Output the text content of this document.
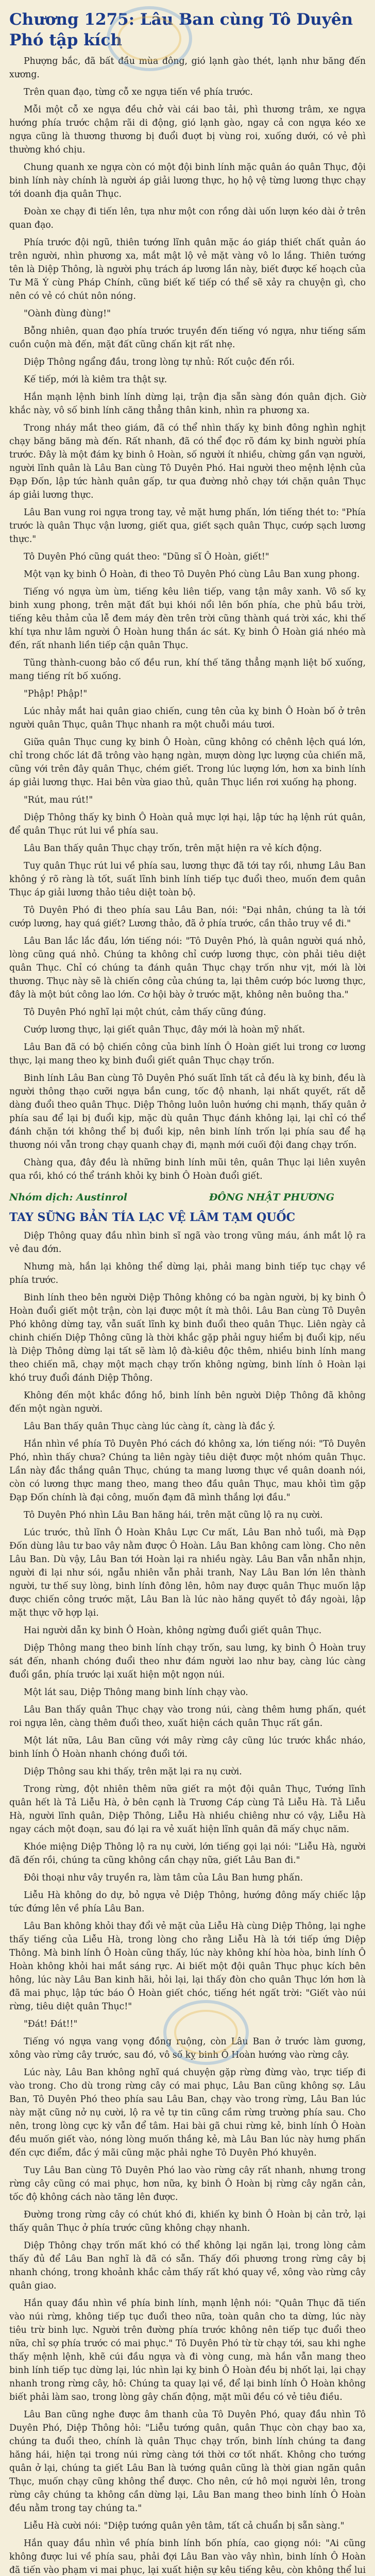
Chương 1275: Lâu Ban cùng Tô Duyên Phó tập kích

Phượng bắc, đã bất đầu mùa đông, gió lạnh gào thét, lạnh như băng đến xương.

Trên quan đạo, từng cỗ xe ngựa tiến về phía trước.

Mỗi một cỗ xe ngựa đều chở vài cái bao tải, phì thương trâm, xe ngựa hướng phía trước chậm rãi di động, gió lạnh gào, ngay cả con ngựa kéo xe ngựa cũng là thương thương bị đuổi đuợt bị vùng roi, xuống dưới, có vẻ phì thường khó chịu.

Chung quanh xe ngựa còn có một đội binh lính mặc quân áo quân Thục, đội binh lính này chính là người áp giải lương thực, họ hộ vệ từng lương thực chạy tới doanh địa quân Thục.

Đoàn xe chạy đi tiến lên, tựa như một con rồng dài uốn lượn kéo dài ở trên quan đạo.

Phía trước đội ngũ, thiên tướng lĩnh quân mặc áo giáp thiết chất quản áo trên người, nhìn phương xa, mắt mật lộ vẻ mặt vàng vô lo lắng. Thiên tướng tên là Diệp Thông, là người phụ trách áp lương lần này, biết được kế hoạch của Tư Mã Ý cùng Pháp Chính, cũng biết kế tiếp có thể sẽ xảy ra chuyện gì, cho nên có vẻ có chút nôn nóng.

"Oành đùng đùng!"

Bỗng nhiên, quan đạo phía trước truyền đến tiếng vó ngựa, như tiếng sấm cuồn cuộn mà đến, mặt đất cũng chấn kịt rất nhẹ.

Diệp Thông ngẩng đầu, trong lòng tự nhủ: Rốt cuộc đến rồi.

Kế tiếp, mới là kiêm tra thật sự.

Hắn mạnh lệnh binh lính dừng lại, trận địa sẵn sàng đón quân địch. Giờ khắc này, vô số binh lính căng thẳng thân kinh, nhìn ra phương xa.

Trong nháy mắt theo giám, đã có thể nhìn thấy kỵ binh đông nghìn nghịt chạy băng băng mà đến. Rất nhanh, đã có thể đọc rõ đám kỵ binh người phía trước. Đây là một đám kỵ binh ô Hoàn, số người ít nhiều, chừng gần vạn người, người lĩnh quân là Lâu Ban cùng Tô Duyên Phó. Hai người theo mệnh lệnh của Đạp Đốn, lập tức hành quân gấp, tư qua đường nhỏ chạy tới chặn quân Thục áp giải lương thực.

Lâu Ban vung roi ngựa trong tay, vẻ mặt hưng phấn, lớn tiếng thét to: "Phía trước là quân Thục vận lương, giết qua, giết sạch quân Thục, cướp sạch lương thực."

Tô Duyên Phó cũng quát theo: "Dũng sĩ Ô Hoàn, giết!"

Một vạn kỵ binh Ô Hoàn, đi theo Tô Duyên Phó cùng Lâu Ban xung phong.

Tiếng vó ngựa ùm ùm, tiếng kêu liên tiếp, vang tận mây xanh. Vô số kỵ binh xung phong, trên mặt đất bụi khói nổi lên bốn phía, che phủ bầu trời, tiếng kêu thảm của lễ đem máy đèn trên trời cũng thành quá trời xác, khi thế khí tựa như lâm người Ô Hoàn hung thần ác sát. Kỵ binh Ô Hoàn giá nhéo mà đến, rất nhanh liền tiếp cận quân Thục.

Tũng thành-cuong bảo cố đều run, khí thế tăng thẳng mạnh liệt bố xuống, mang tiếng rít bố xuống.

"Phập! Phập!"

Lúc nhảy mắt hai quân giao chiến, cung tên của kỵ binh Ô Hoàn bố ở trên người quân Thục, quân Thục nhanh ra một chuỗi máu tươi.

Giữa quân Thục cung kỵ binh Ô Hoàn, cũng không có chênh lệch quá lớn, chỉ trong chốc lát đã trông vào hạng ngàn, mượn dòng lực lượng của chiến mã, cũng với trên đây quân Thục, chém giết. Trong lúc lượng lớn, hơn xa binh lính áp giải lương thực. Hai bên vừa giao thủ, quân Thục liền rơi xuống hạ phong.

"Rút, mau rút!"

Diệp Thông thấy kỵ binh Ô Hoàn quả mực lợi hại, lập tức hạ lệnh rút quân, để quân Thục rút lui về phía sau.

Lâu Ban thấy quân Thục chạy trốn, trên mặt hiện ra vẻ kích động.

Tuy quân Thục rút lui về phía sau, lương thực đã tới tay rồi, nhưng Lâu Ban không ý rõ ràng là tốt, suất lĩnh binh lính tiếp tục đuổi theo, muốn đem quân Thục áp giải lương thảo tiêu diệt toàn bộ.

Tô Duyên Phó đi theo phía sau Lâu Ban, nói: "Đại nhân, chúng ta là tới cướp lương, hay quá giết? Lương thảo, đã ở phía trước, cần thảo truy về đi."

Lâu Ban lắc lắc đầu, lớn tiếng nói: "Tô Duyên Phó, là quân người quá nhỏ, lòng cũng quá nhỏ. Chúng ta không chỉ cướp lương thực, còn phải tiêu diệt quân Thục. Chỉ có chúng ta đánh quân Thục chạy trốn như vịt, mới là lời thương. Thục này sẽ là chiến công của chúng ta, lại thêm cướp bóc lương thực, đây là một bút công lao lớn. Cơ hội bày ở trước mặt, không nên buông tha."

Tô Duyên Phó nghĩ lại một chút, cảm thấy cũng đúng.

Cướp lương thực, lại giết quân Thục, đây mới là hoàn mỹ nhất.

Lâu Ban đã có bộ chiến công của binh lính Ô Hoàn giết lui trong cơ lương thực, lại mang theo kỵ binh đuổi giết quân Thục chạy trốn.

Binh lính Lâu Ban cùng Tô Duyên Phó suất lĩnh tất cả đều là kỵ binh, đều là người thông thạo cưỡi ngựa bắn cung, tốc độ nhanh, lại nhất quyết, rất dễ dàng đuổi theo quân Thục. Diệp Thông luôn luôn hướng chi mạnh, thấy quân ở phía sau để lại bị đuổi kịp, mặc dù quân Thục đánh không lại, lại chỉ có thể đánh chặn tới không thể bị đuổi kịp, nên binh lính trốn lại phía sau để hạ thương nói vẫn trong chạy quanh chạy đi, mạnh mới cuối đội đang chạy trốn.

Chàng qua, đây đều là những binh lính mũi tên, quân Thục lại liên xuyên qua rồi, khó có thể tránh khỏi kỵ binh Ô Hoàn đuổi giết.

Nhóm dịch: Austinrol	ĐÔNG NHẬT PHƯƠNG
TAY SỮNG BẢN TÍA LẠC VỆ LÂM TẠM QUỐC

Diệp Thông quay đầu nhìn binh sĩ ngã vào trong vũng máu, ánh mắt lộ ra vẻ đau đớn.

Nhưng mà, hắn lại không thể dừng lại, phải mang binh tiếp tục chạy về phía trước.

Binh lính theo bên người Diệp Thông không có ba ngàn người, bị kỵ binh Ô Hoàn đuổi giết một trận, còn lại được một ít mà thôi. Lâu Ban cùng Tô Duyên Phó không dừng tay, vẫn suất lĩnh kỵ binh đuổi theo quân Thục. Liên ngày cả chinh chiến Diệp Thông cũng là thời khắc gặp phải nguy hiểm bị đuổi kịp, nếu là Diệp Thông dừng lại tất sẽ làm lộ đà-kiêu độc thêm, nhiều binh lính mang theo chiến mã, chạy một mạch chạy trốn không ngừng, binh lính ô Hoàn lại khó truy đuổi đánh Diệp Thông.

Không đến một khắc đồng hồ, binh lính bên người Diệp Thông đã không đến một ngàn người.

Lâu Ban thấy quân Thục càng lúc càng ít, càng là đắc ý.

Hắn nhìn về phía Tô Duyên Phó cách đó không xa, lớn tiếng nói: "Tô Duyên Phó, nhìn thấy chưa? Chúng ta liên ngày tiêu diệt được một nhóm quân Thục. Lần này đắc thắng quân Thục, chúng ta mang lương thực về quân doanh nói, còn có lương thực mang theo, mang theo đầu quân Thục, mau khỏi tìm gặp Đạp Đốn chính là đại công, muốn đạm đã mình thắng lợi đầu."

Tô Duyên Phó nhìn Lâu Ban hăng hái, trên mặt cũng lộ ra nụ cười.

Lúc trước, thủ lĩnh Ô Hoàn Khâu Lực Cư mất, Lâu Ban nhỏ tuổi, mà Đạp Đốn dùng lâu tư bao vây nằm được Ô Hoàn. Lâu Ban không cam lòng. Cho nên Lâu Ban. Dù vậy, Lâu Ban tới Hoàn lại ra nhiều ngày. Lâu Ban vẫn nhẫn nhịn, người đi lại như sói, ngẫu nhiên vẫn phải tranh, Nay Lâu Ban lớn lên thành người, tư thế suy lòng, binh lính đông lên, hôm nay được quân Thục muốn lập được chiến công trước mặt, Lâu Ban là lúc nào hăng quyết tỏ đầy ngoài, lập mặt thực vỡ hợp lại.

Hai người dẫn kỵ binh Ô Hoàn, không ngừng đuổi giết quân Thục.

Diệp Thông mang theo binh lính chạy trốn, sau lưng, kỵ binh Ô Hoàn truy sát đến, nhanh chóng đuổi theo như đám người lao như bay, càng lúc càng đuổi gần, phía trước lại xuất hiện một ngọn núi.

Một lát sau, Diệp Thông mang binh lính chạy vào.

Lâu Ban thấy quân Thục chạy vào trong núi, càng thêm hưng phấn, quét roi ngựa lên, càng thêm đuổi theo, xuất hiện cách quân Thục rất gần.

Một lát nữa, Lâu Ban cũng với mây rừng cây cũng lúc trước khắc nháo, binh lính Ô Hoàn nhanh chóng đuổi tới.

Diệp Thông sau khi thấy, trên mặt lại ra nụ cười.

Trong rừng, đột nhiên thêm nữa giết ra một đội quân Thục, Tướng lĩnh quân hết là Tả Liễu Hà, ở bên cạnh là Trương Cáp cùng Tả Liễu Hà. Tả Liễu Hà, người lĩnh quân, Diệp Thông, Liễu Hà nhiều chiêng như có vậy, Liễu Hà ngay cách một đoạn, sau đó lại ra vẻ xuất hiện lĩnh quân đã mấy chục năm.

Khóe miệng Diệp Thông lộ ra nụ cười, lớn tiếng gọi lại nói: "Liễu Hà, người đã đến rồi, chúng ta cũng không cần chạy nữa, giết Lâu Ban đi."

Đôi thoại như vây truyền ra, làm tâm của Lâu Ban hưng phấn.

Liễu Hà không do dự, bỏ ngựa vẻ Diệp Thông, hướng đông mấy chiếc lập tức đứng lên về phía Lâu Ban.

Lâu Ban không khỏi thay đổi vẻ mặt của Liễu Hà cùng Diệp Thông, lại nghe thấy tiếng của Liễu Hà, trong lòng cho rằng Liễu Hà là tới tiếp ứng Diệp Thông. Mà binh lính Ô Hoàn cũng thấy, lúc này không khí hòa hòa, binh lính Ô Hoàn không khỏi hai mắt sáng rực. Ai biết một đội quân Thục phục kích bên hông, lúc này Lâu Ban kinh hãi, hỏi lại, lại thấy đòn cho quân Thục lớn hơn là đã mai phục, lập tức báo Ô Hoàn giết chóc, tiếng hét ngất trời: "Giết vào núi rừng, tiêu diệt quân Thục!"

"Đát! Đát!!"

Tiếng vó ngựa vang vọng đồng ruộng, còn Lâu Ban ở trước làm gương, xông vào rừng cây trước, sau đó, vô số kỵ binh Ô Hoàn hướng vào rừng cây.

Lúc này, Lâu Ban không nghĩ quá chuyện gặp rừng đừng vào, trực tiếp đi vào trong. Cho dù trong rừng cây có mai phục, Lâu Ban cũng không sợ. Lâu Ban, Tô Duyên Phó theo phía sau Lâu Ban, chạy vào trong rừng, Lâu Ban lúc này mặt cũng nở nụ cười, lộ ra vẻ tự tin cũng cầm rừng trường phía sau. Cho nên, trong lòng cực kỳ vẫn để tâm. Hai bài gã chui rừng kẻ, binh lính Ô Hoàn đều muốn giết vào, nóng lòng muốn thắng kẻ, mà Lâu Ban lúc này hưng phấn đến cực điểm, đắc ý mãi cũng mặc phải nghe Tô Duyên Phó khuyên.

Tuy Lâu Ban cùng Tô Duyên Phó lao vào rừng cây rất nhanh, nhưng trong rừng cây cũng có mai phục, hơn nữa, kỵ binh Ô Hoàn bị rừng cây ngăn cản, tốc độ không cách nào tăng lên được.

Đường trong rừng cây có chút khó đi, khiến kỵ binh Ô Hoàn bị cản trở, lại thấy quân Thục ở phía trước cũng không chạy nhanh.

Diệp Thông chạy trốn mất khó có thể không lại ngăn lại, trong lòng cảm thấy đủ để Lâu Ban nghĩ là đã có sẵn. Thấy đối phương trong rừng cây bị nhanh chóng, trong khoảnh khắc cảm thấy rất khó quay về, xông vào rừng cây quân giao.

Hắn quay đầu nhìn về phía binh lính, mạnh lệnh nói: "Quân Thục đã tiến vào núi rừng, không tiếp tục đuổi theo nữa, toàn quân cho ta dừng, lúc này tiêu trừ binh lực. Người trên đường phía trước không nên tiếp tục đuổi theo nữa, chỉ sợ phía trước có mai phục." Tô Duyên Phó từ từ chạy tới, sau khi nghe thấy mệnh lệnh, khẽ cúi đầu ngựa và đi vòng cung, mà hắn vẫn mang theo binh lính tiếp tục dừng lại, lúc nhìn lại kỵ binh Ô Hoàn đều bị nhốt lại, lại chạy nhanh trong rừng cây, hô: Chúng ta quay lại về, để lại binh lính Ô Hoàn không biết phải làm sao, trong lòng gây chấn động, mặt mũi đều có vẻ tiêu điều.

Lâu Ban cũng nghe được âm thanh của Tô Duyên Phó, quay đầu nhìn Tô Duyên Phó, Diệp Thông hỏi: "Liễu tướng quân, quân Thục còn chạy bao xa, chúng ta đuổi theo, chính là quân Thục chạy trốn, binh lính chúng ta đang hăng hái, hiện tại trong núi rừng càng tới thời cơ tốt nhất. Không cho tướng quân ở lại, chúng ta giết Lâu Ban là tướng quân cũng là thời gian ngăn quân Thục, muốn chạy cũng không thể được. Cho nên, cứ hô mọi người lên, trong rừng cây chúng ta không cần dừng lại, Lâu Ban mang theo binh lính Ô Hoàn đều nằm trong tay chúng ta."

Liễu Hà cười nói: "Diệp tướng quân yên tâm, tất cả chuẩn bị sẵn sàng."

Hắn quay đầu nhìn về phía binh lính bốn phía, cao giọng nói: "Ai cũng không được lui về phía sau, phải đợi Lâu Ban vào vây nhìn, binh lính Ô Hoàn đã tiến vào phạm vi mai phục, lại xuất hiện sự kêu tiếng kêu, còn không thể lui
